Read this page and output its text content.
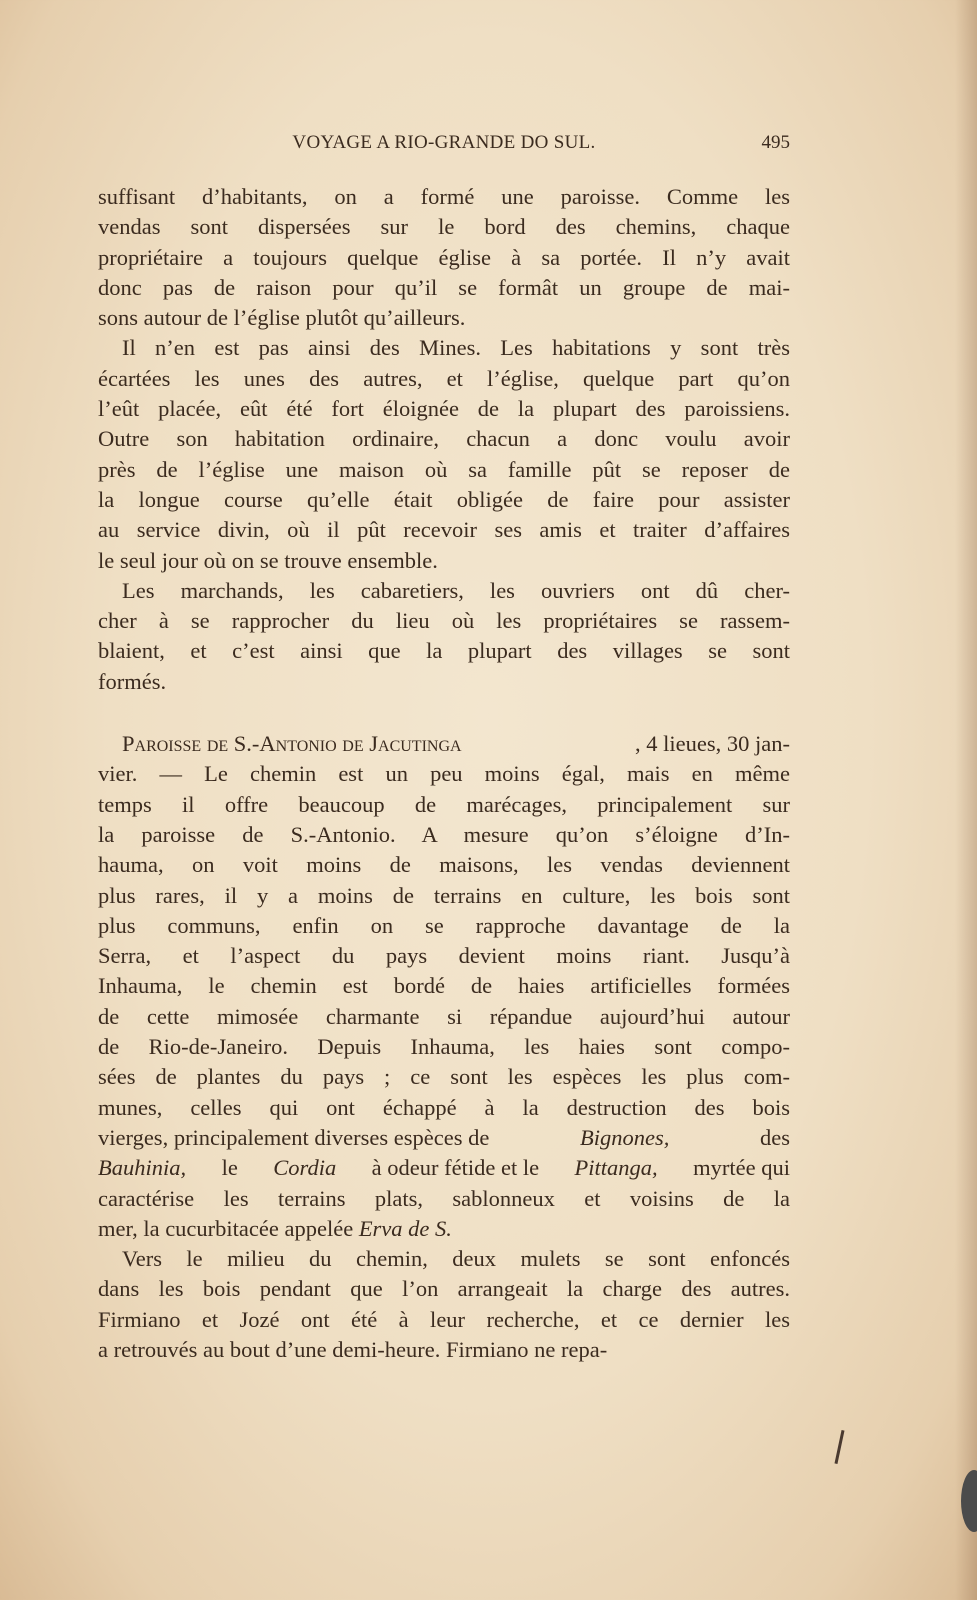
VOYAGE A RIO-GRANDE DO SUL.	495
suffisant d’habitants, on a formé une paroisse. Comme les
vendas sont dispersées sur le bord des chemins, chaque
propriétaire a toujours quelque église à sa portée. Il n’y avait
donc pas de raison pour qu’il se formât un groupe de mai-
sons autour de l’église plutôt qu’ailleurs.
Il n’en est pas ainsi des Mines. Les habitations y sont très
écartées les unes des autres, et l’église, quelque part qu’on
l’eût placée, eût été fort éloignée de la plupart des paroissiens.
Outre son habitation ordinaire, chacun a donc voulu avoir
près de l’église une maison où sa famille pût se reposer de
la longue course qu’elle était obligée de faire pour assister
au service divin, où il pût recevoir ses amis et traiter d’affaires
le seul jour où on se trouve ensemble.
Les marchands, les cabaretiers, les ouvriers ont dû cher-
cher à se rapprocher du lieu où les propriétaires se rassem-
blaient, et c’est ainsi que la plupart des villages se sont
formés.
Paroisse de S.-Antonio de Jacutinga	, 4 lieues, 30 jan-
vier. — Le chemin est un peu moins égal, mais en même
temps il offre beaucoup de marécages, principalement sur
la paroisse de S.-Antonio. A mesure qu’on s’éloigne d’In-
hauma, on voit moins de maisons, les vendas deviennent
plus rares, il y a moins de terrains en culture, les bois sont
plus communs, enfin on se rapproche davantage de la
Serra, et l’aspect du pays devient moins riant. Jusqu’à
Inhauma, le chemin est bordé de haies artificielles formées
de cette mimosée charmante si répandue aujourd’hui autour
de Rio-de-Janeiro. Depuis Inhauma, les haies sont compo-
sées de plantes du pays ; ce sont les espèces les plus com-
munes, celles qui ont échappé à la destruction des bois
vierges, principalement diverses espèces de	Bignones,	des
Bauhinia, le Cordia à odeur fétide et le Pittanga, myrtée qui
caractérise les terrains plats, sablonneux et voisins de la
mer, la cucurbitacée appelée Erva de S.
Vers le milieu du chemin, deux mulets se sont enfoncés
dans les bois pendant que l’on arrangeait la charge des autres.
Firmiano et Jozé ont été à leur recherche, et ce dernier les
a retrouvés au bout d’une demi-heure. Firmiano ne repa-
